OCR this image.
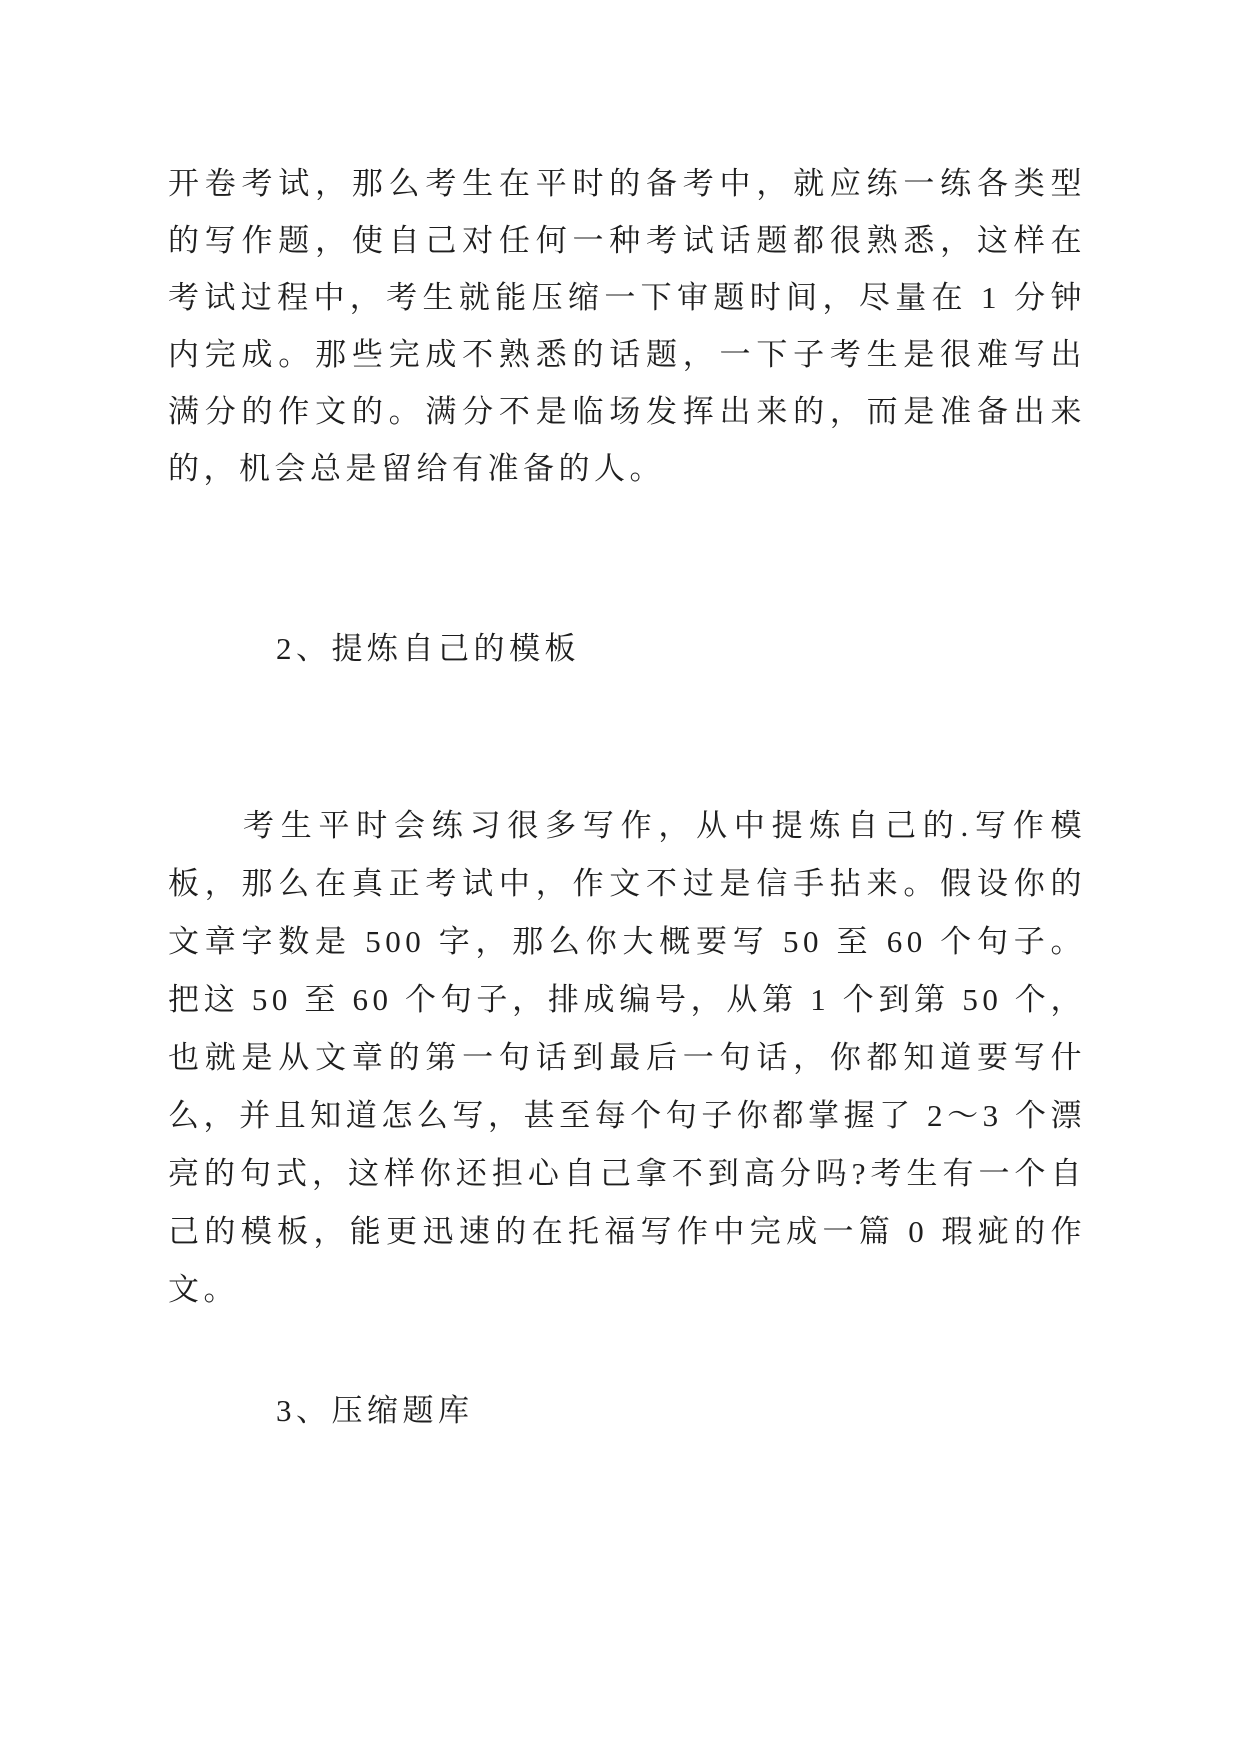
开卷考试，那么考生在平时的备考中，就应练一练各类型的写作题，使自己对任何一种考试话题都很熟悉，这样在考试过程中，考生就能压缩一下审题时间，尽量在 1 分钟内完成。那些完成不熟悉的话题，一下子考生是很难写出满分的作文的。满分不是临场发挥出来的，而是准备出来的，机会总是留给有准备的人。

2、提炼自己的模板

考生平时会练习很多写作，从中提炼自己的.写作模板，那么在真正考试中，作文不过是信手拈来。假设你的文章字数是 500 字，那么你大概要写 50 至 60 个句子。把这 50 至 60 个句子，排成编号，从第 1 个到第 50 个，也就是从文章的第一句话到最后一句话，你都知道要写什么，并且知道怎么写，甚至每个句子你都掌握了 2～3 个漂亮的句式，这样你还担心自己拿不到高分吗?考生有一个自己的模板，能更迅速的在托福写作中完成一篇 0 瑕疵的作文。

3、压缩题库
